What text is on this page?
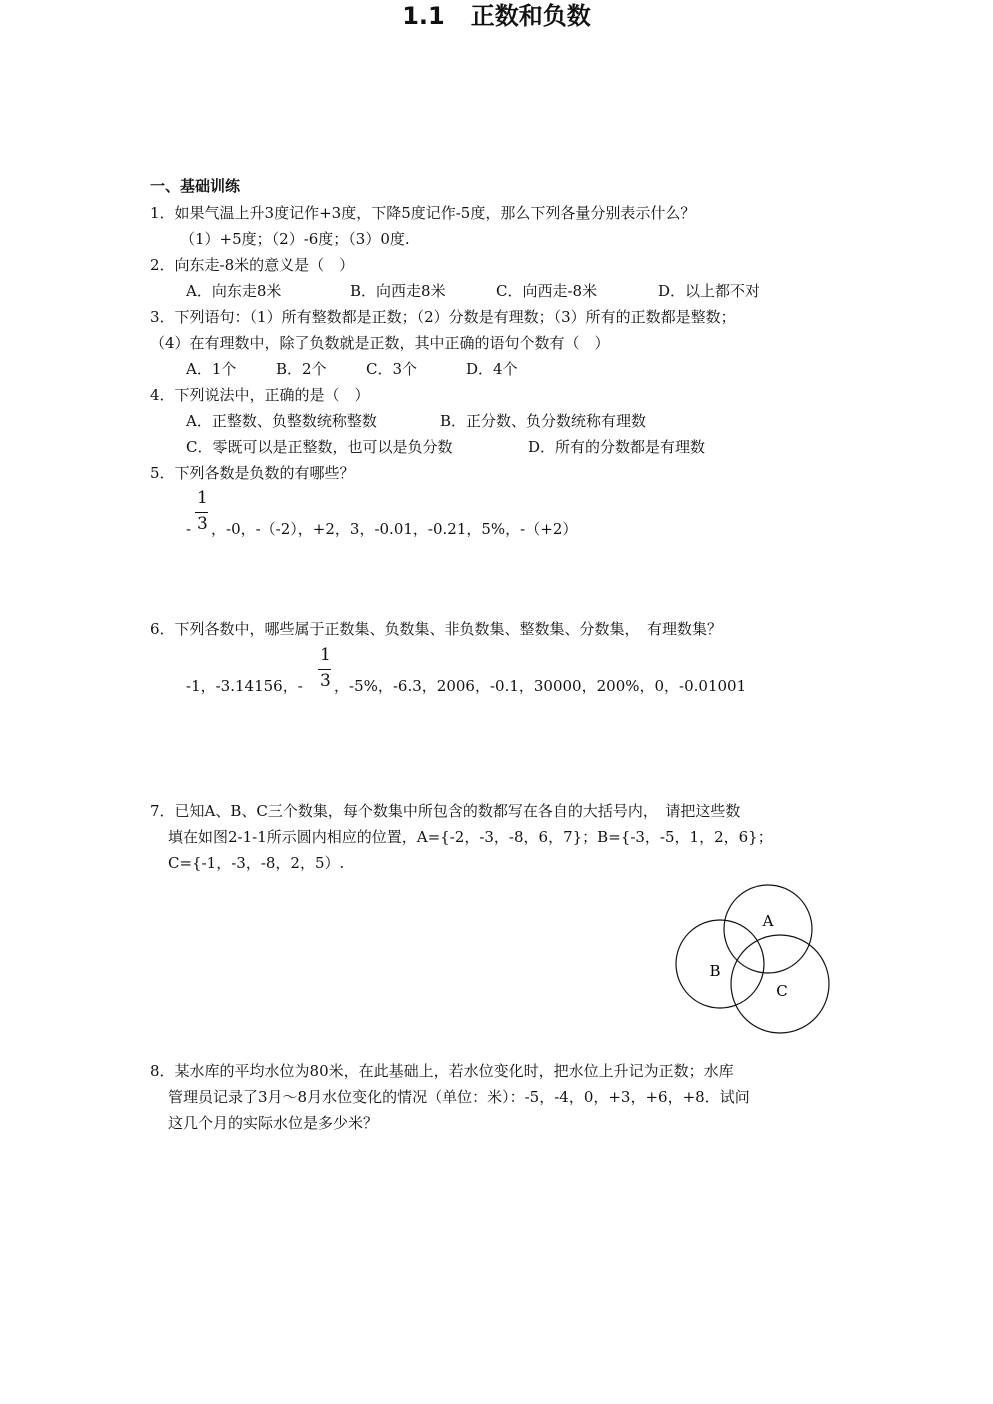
1.1 正数和负数
一、基础训练
1．如果气温上升3度记作+3度，下降5度记作-5度，那么下列各量分别表示什么？
（1）+5度；（2）-6度；（3）0度.
2．向东走-8米的意义是（　）
A．向东走8米	B．向西走8米	C．向西走-8米	D．以上都不对
3．下列语句：（1）所有整数都是正数；（2）分数是有理数；（3）所有的正数都是整数；
（4）在有理数中，除了负数就是正数，其中正确的语句个数有（　）
A．1个	B．2个	C．3个	D．4个
4．下列说法中，正确的是（　）
A．正整数、负整数统称整数	B．正分数、负分数统称有理数
C．零既可以是正整数，也可以是负分数	D．所有的分数都是有理数
5．下列各数是负数的有哪些？
1
- 3 ，-0，-（-2），+2，3，-0.01，-0.21，5%，-（+2）
6．下列各数中，哪些属于正数集、负数集、非负数集、整数集、分数集，　有理数集？
1
-1，-3.14156，- 3 ，-5%，-6.3，2006，-0.1，30000，200%，0，-0.01001
7．已知A、B、C三个数集，每个数集中所包含的数都写在各自的大括号内，　请把这些数
填在如图2-1-1所示圆内相应的位置，A={-2，-3，-8，6，7}；B={-3，-5，1，2，6}；
C={-1，-3，-8，2，5）.
A
B
C
8．某水库的平均水位为80米，在此基础上，若水位变化时，把水位上升记为正数；水库
管理员记录了3月～8月水位变化的情况（单位：米）：-5，-4，0，+3，+6，+8．试问
这几个月的实际水位是多少米？
